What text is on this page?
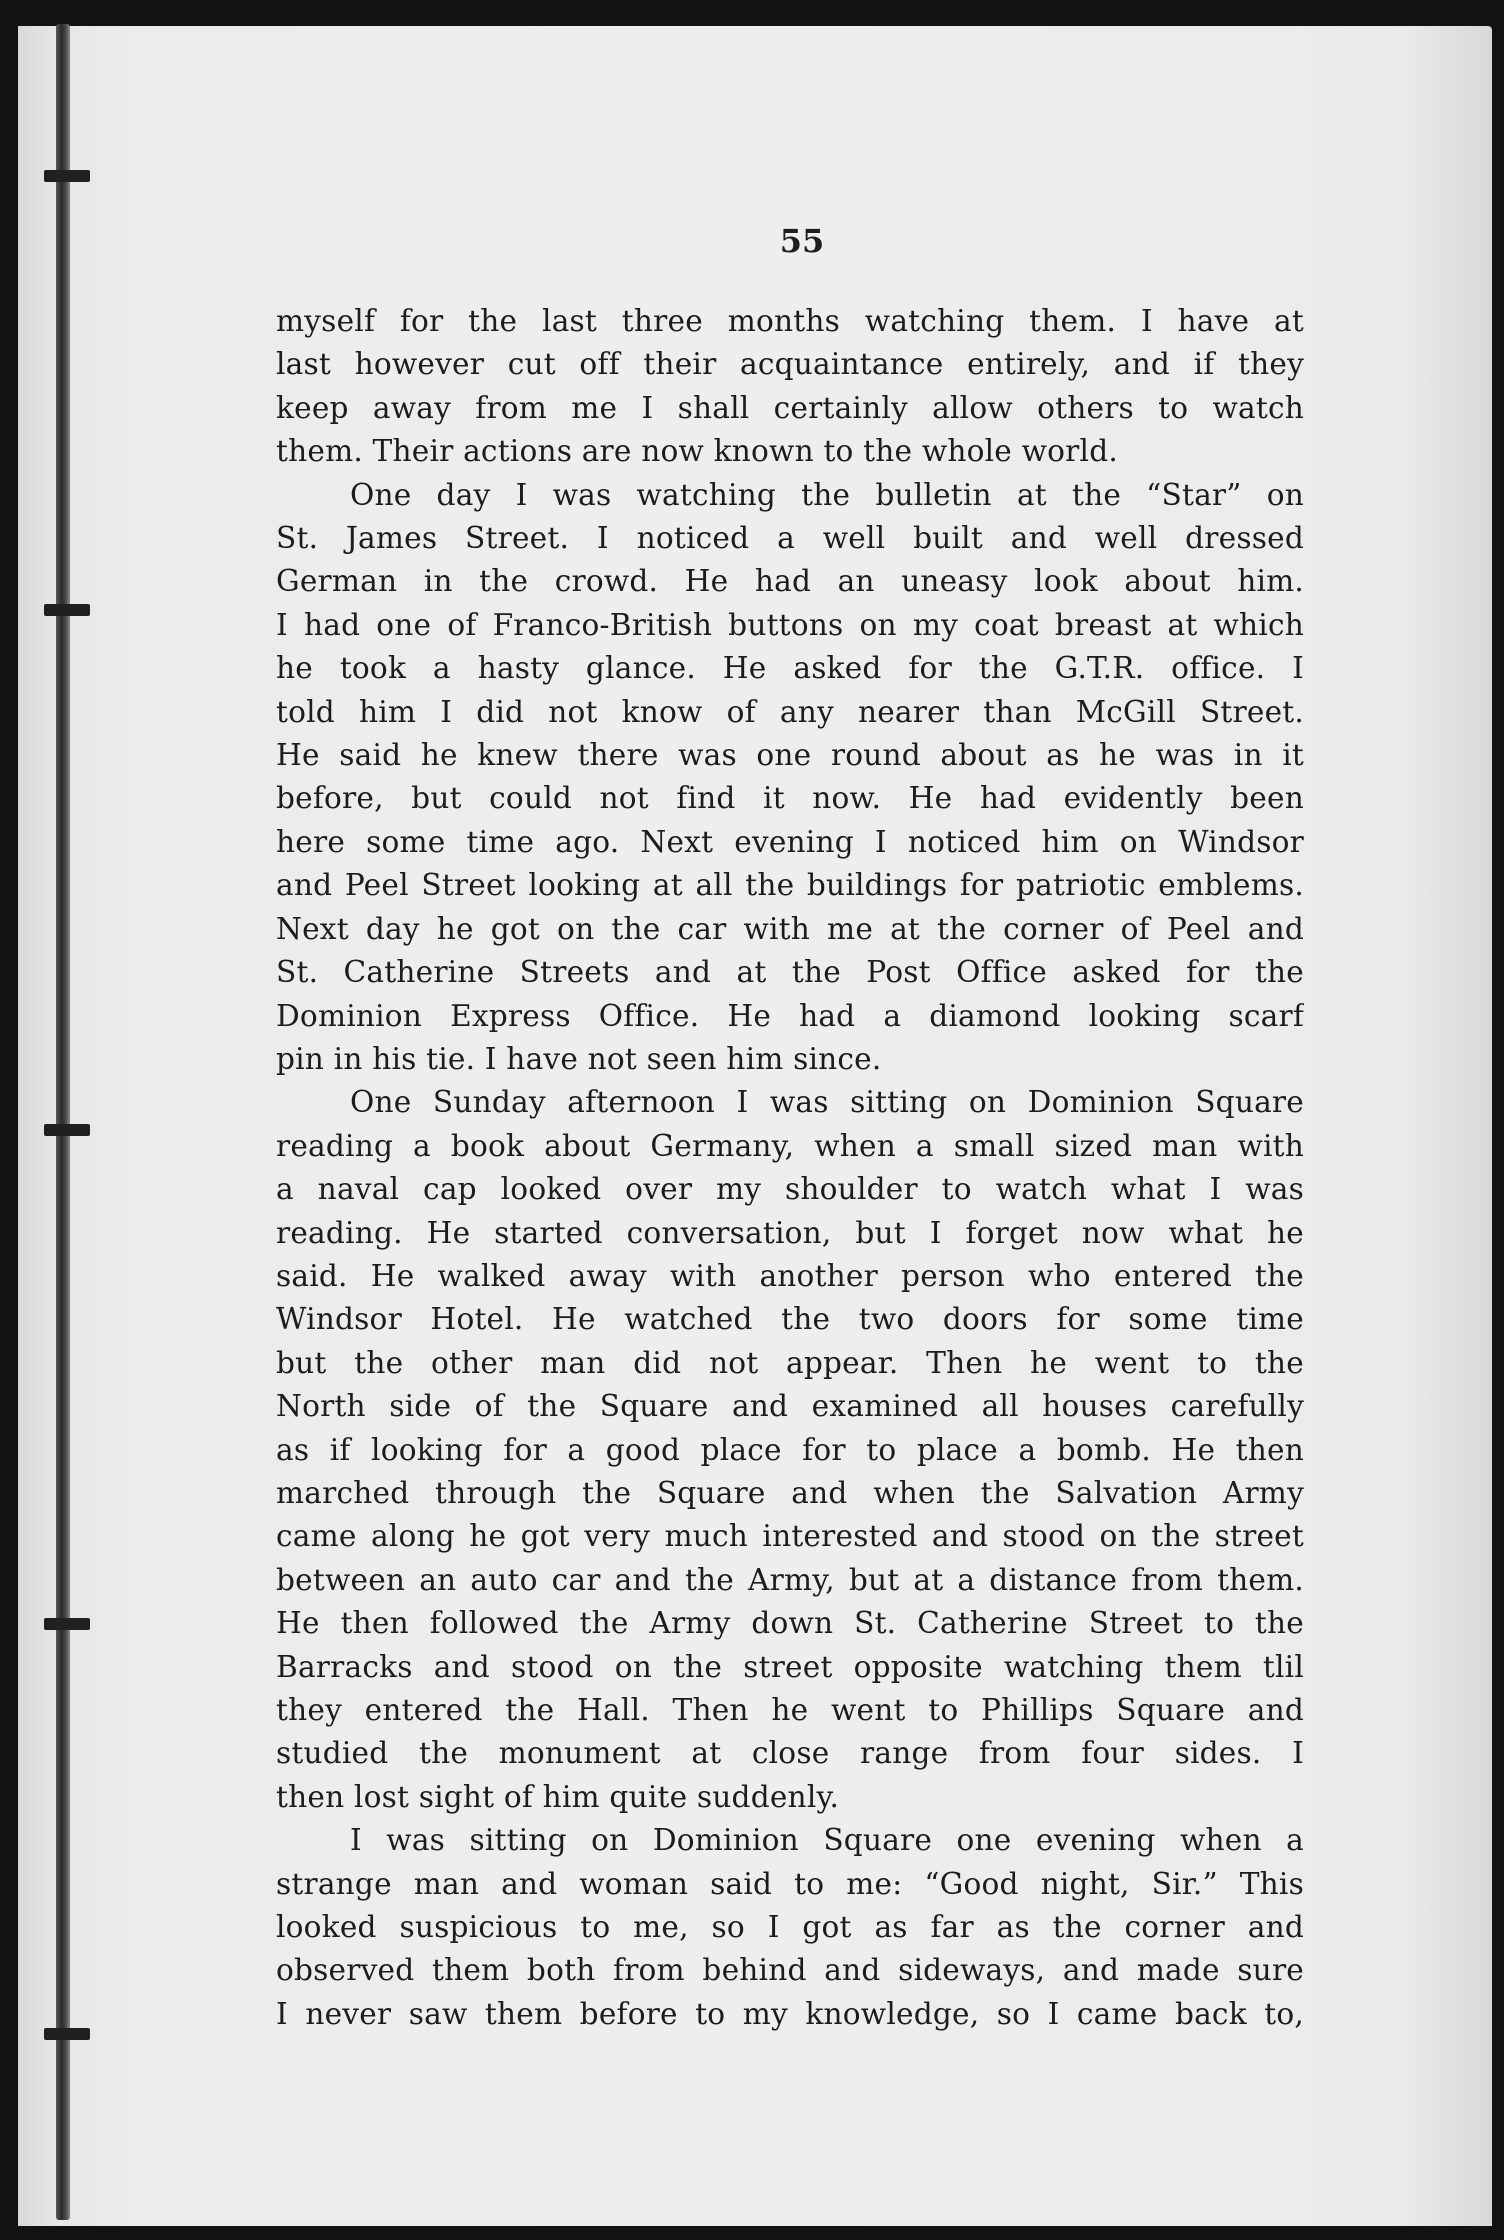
55

myself for the last three months watching them. I have at
last however cut off their acquaintance entirely, and if they
keep away from me I shall certainly allow others to watch
them. Their actions are now known to the whole world.

One day I was watching the bulletin at the “Star” on
St. James Street. I noticed a well built and well dressed
German in the crowd. He had an uneasy look about him.
I had one of Franco-British buttons on my coat breast at which
he took a hasty glance. He asked for the G.T.R. office. I
told him I did not know of any nearer than McGill Street.
He said he knew there was one round about as he was in it
before, but could not find it now. He had evidently been
here some time ago. Next evening I noticed him on Windsor
and Peel Street looking at all the buildings for patriotic emblems.
Next day he got on the car with me at the corner of Peel and
St. Catherine Streets and at the Post Office asked for the
Dominion Express Office. He had a diamond looking scarf
pin in his tie. I have not seen him since.

One Sunday afternoon I was sitting on Dominion Square
reading a book about Germany, when a small sized man with
a naval cap looked over my shoulder to watch what I was
reading. He started conversation, but I forget now what he
said. He walked away with another person who entered the
Windsor Hotel. He watched the two doors for some time
but the other man did not appear. Then he went to the
North side of the Square and examined all houses carefully
as if looking for a good place for to place a bomb. He then
marched through the Square and when the Salvation Army
came along he got very much interested and stood on the street
between an auto car and the Army, but at a distance from them.
He then followed the Army down St. Catherine Street to the
Barracks and stood on the street opposite watching them tlil
they entered the Hall. Then he went to Phillips Square and
studied the monument at close range from four sides. I
then lost sight of him quite suddenly.

I was sitting on Dominion Square one evening when a
strange man and woman said to me: “Good night, Sir.” This
looked suspicious to me, so I got as far as the corner and
observed them both from behind and sideways, and made sure
I never saw them before to my knowledge, so I came back to,
